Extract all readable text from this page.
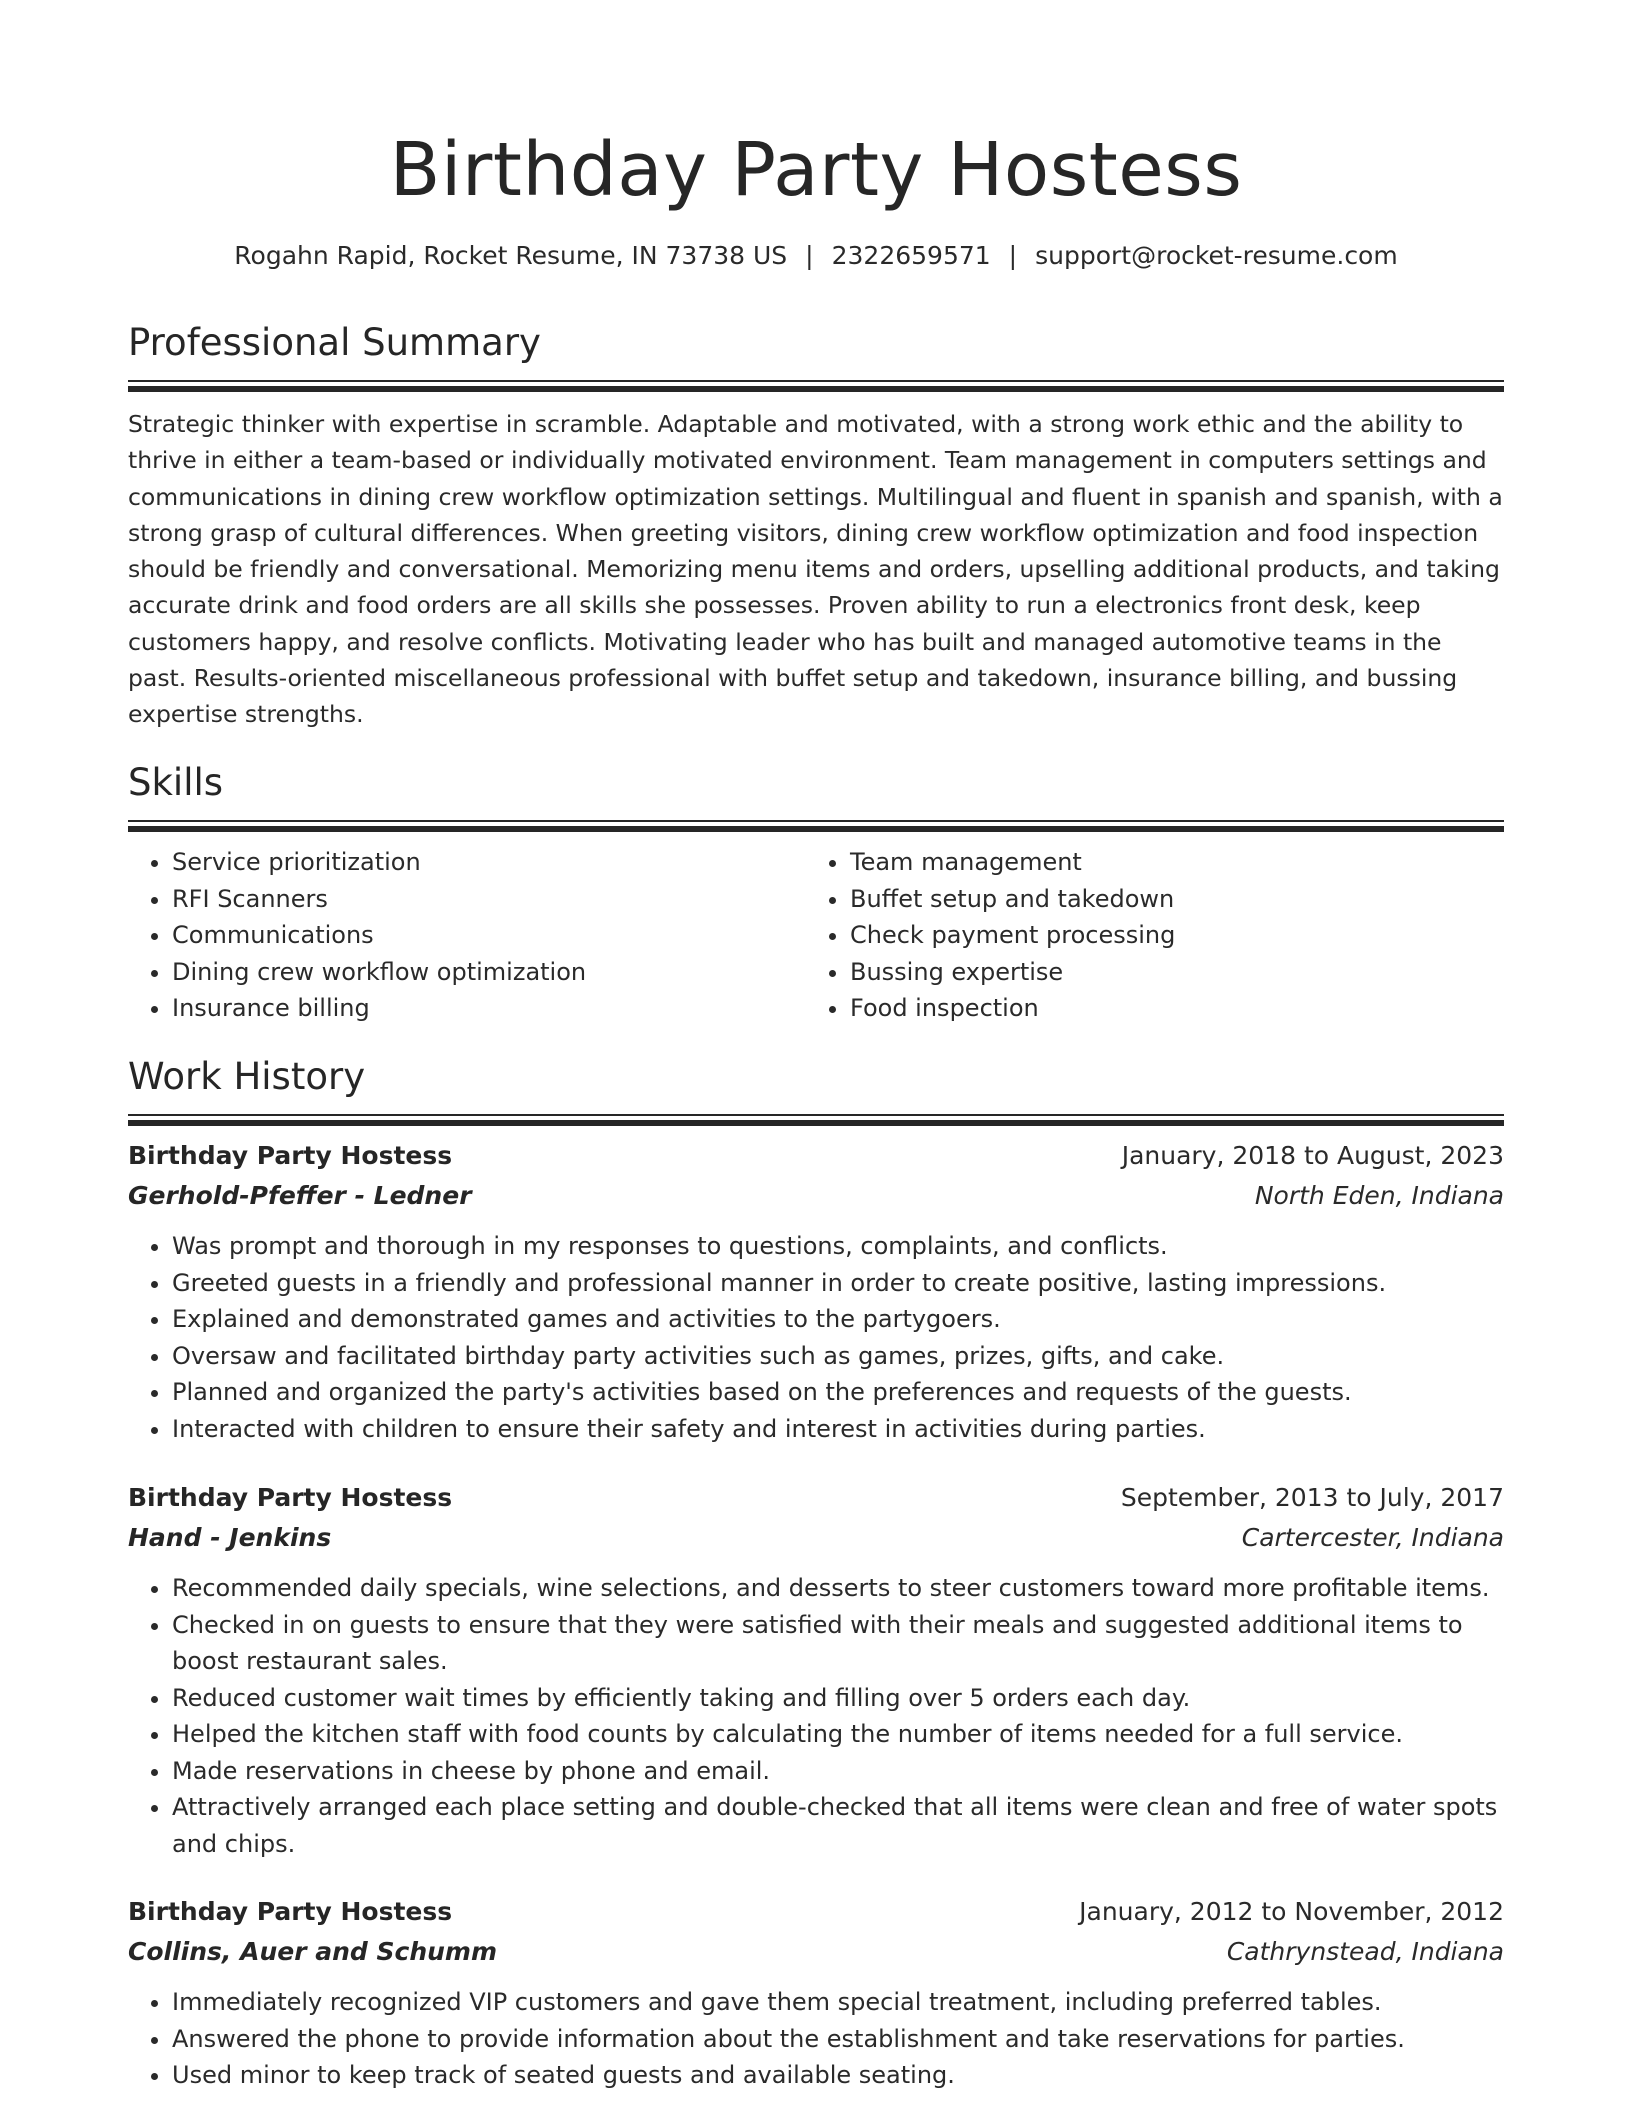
Birthday Party Hostess
Rogahn Rapid, Rocket Resume, IN 73738 US | 2322659571 | support@rocket-resume.com
Professional Summary

Strategic thinker with expertise in scramble. Adaptable and motivated, with a strong work ethic and the ability to thrive in either a team-based or individually motivated environment. Team management in computers settings and communications in dining crew workflow optimization settings. Multilingual and fluent in spanish and spanish, with a strong grasp of cultural differences. When greeting visitors, dining crew workflow optimization and food inspection should be friendly and conversational. Memorizing menu items and orders, upselling additional products, and taking accurate drink and food orders are all skills she possesses. Proven ability to run a electronics front desk, keep customers happy, and resolve conflicts. Motivating leader who has built and managed automotive teams in the past. Results-oriented miscellaneous professional with buffet setup and takedown, insurance billing, and bussing expertise strengths.

Skills
• Service prioritization
• RFI Scanners
• Communications
• Dining crew workflow optimization
• Insurance billing
• Team management
• Buffet setup and takedown
• Check payment processing
• Bussing expertise
• Food inspection
Work History
Birthday Party Hostess	January, 2018 to August, 2023
Gerhold-Pfeffer - Ledner	North Eden, Indiana
• Was prompt and thorough in my responses to questions, complaints, and conflicts.
• Greeted guests in a friendly and professional manner in order to create positive, lasting impressions.
• Explained and demonstrated games and activities to the partygoers.
• Oversaw and facilitated birthday party activities such as games, prizes, gifts, and cake.
• Planned and organized the party's activities based on the preferences and requests of the guests.
• Interacted with children to ensure their safety and interest in activities during parties.
Birthday Party Hostess	September, 2013 to July, 2017
Hand - Jenkins	Cartercester, Indiana
• Recommended daily specials, wine selections, and desserts to steer customers toward more profitable items.
• Checked in on guests to ensure that they were satisfied with their meals and suggested additional items to boost restaurant sales.
• Reduced customer wait times by efficiently taking and filling over 5 orders each day.
• Helped the kitchen staff with food counts by calculating the number of items needed for a full service.
• Made reservations in cheese by phone and email.
• Attractively arranged each place setting and double-checked that all items were clean and free of water spots and chips.
Birthday Party Hostess	January, 2012 to November, 2012
Collins, Auer and Schumm	Cathrynstead, Indiana
• Immediately recognized VIP customers and gave them special treatment, including preferred tables.
• Answered the phone to provide information about the establishment and take reservations for parties.
• Used minor to keep track of seated guests and available seating.
